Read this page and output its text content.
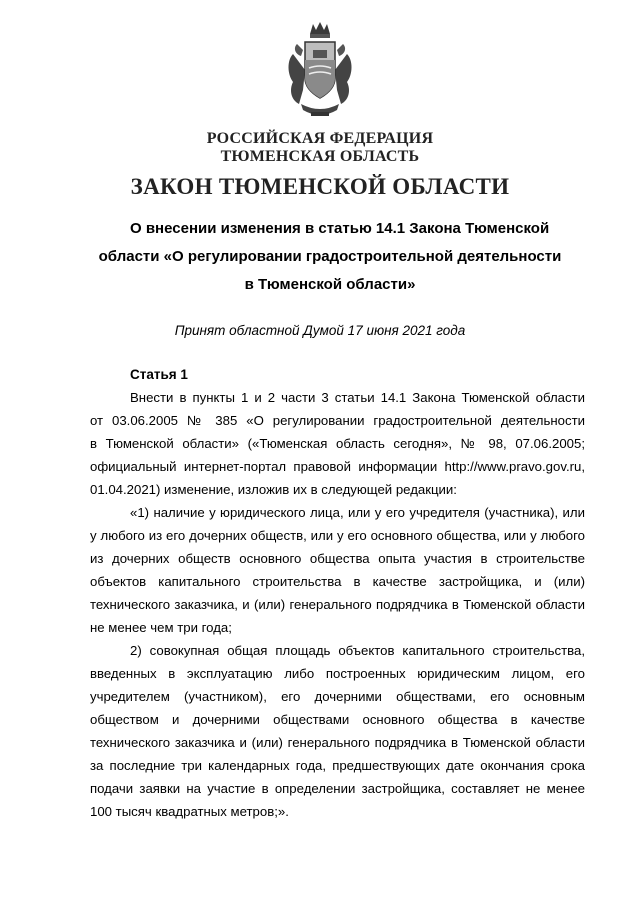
РОССИЙСКАЯ ФЕДЕРАЦИЯ
ТЮМЕНСКАЯ ОБЛАСТЬ
ЗАКОН ТЮМЕНСКОЙ ОБЛАСТИ
О внесении изменения в статью 14.1 Закона Тюменской
области «О регулировании градостроительной деятельности
в Тюменской области»
Принят областной Думой 17 июня 2021 года
Статья 1
Внести в пункты 1 и 2 части 3 статьи 14.1 Закона Тюменской области
от 03.06.2005 № 385 «О регулировании градостроительной деятельности
в Тюменской области» («Тюменская область сегодня», № 98, 07.06.2005;
официальный интернет-портал правовой информации http://www.pravo.gov.ru,
01.04.2021) изменение, изложив их в следующей редакции:
«1) наличие у юридического лица, или у его учредителя (участника), или
у любого из его дочерних обществ, или у его основного общества, или у любого
из дочерних обществ основного общества опыта участия в строительстве
объектов капитального строительства в качестве застройщика, и (или)
технического заказчика, и (или) генерального подрядчика в Тюменской области
не менее чем три года;
2) совокупная общая площадь объектов капитального строительства,
введенных в эксплуатацию либо построенных юридическим лицом, его
учредителем (участником), его дочерними обществами, его основным
обществом и дочерними обществами основного общества в качестве
технического заказчика и (или) генерального подрядчика в Тюменской области
за последние три календарных года, предшествующих дате окончания срока
подачи заявки на участие в определении застройщика, составляет не менее
100 тысяч квадратных метров;».
